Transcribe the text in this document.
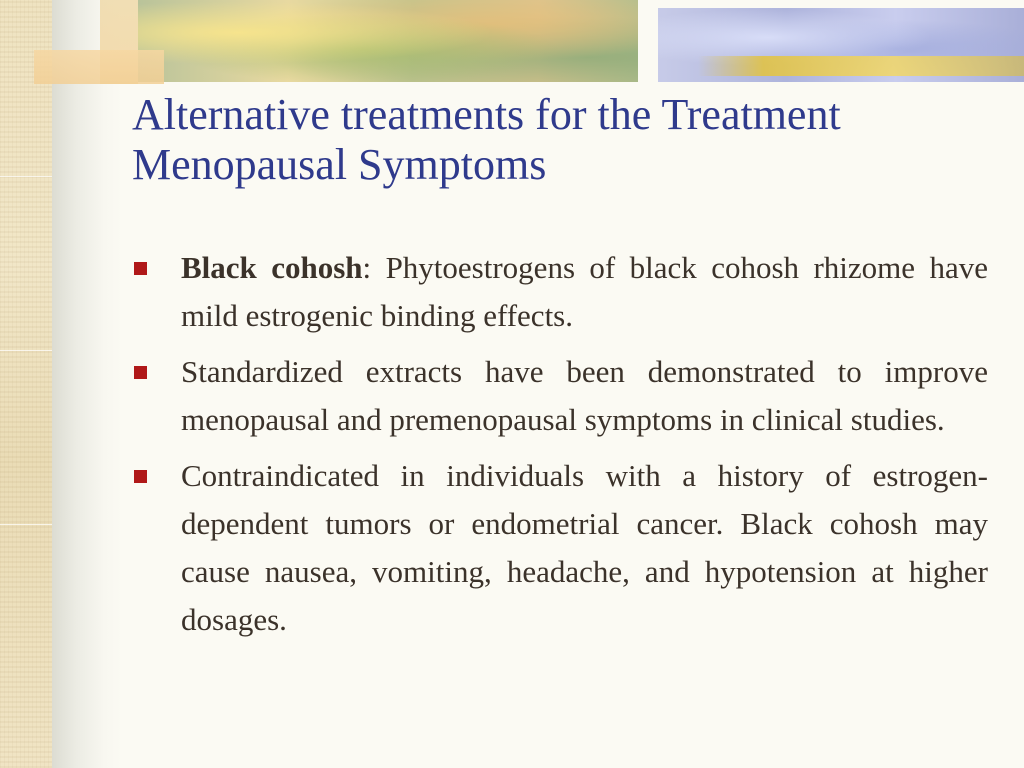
Alternative treatments for the Treatment Menopausal Symptoms
Black cohosh: Phytoestrogens of black cohosh rhizome have mild estrogenic binding effects.
Standardized extracts have been demonstrated to improve menopausal and premenopausal symptoms in clinical studies.
Contraindicated in individuals with a history of estrogen-dependent tumors or endometrial cancer. Black cohosh may cause nausea, vomiting, headache, and hypotension at higher dosages.
